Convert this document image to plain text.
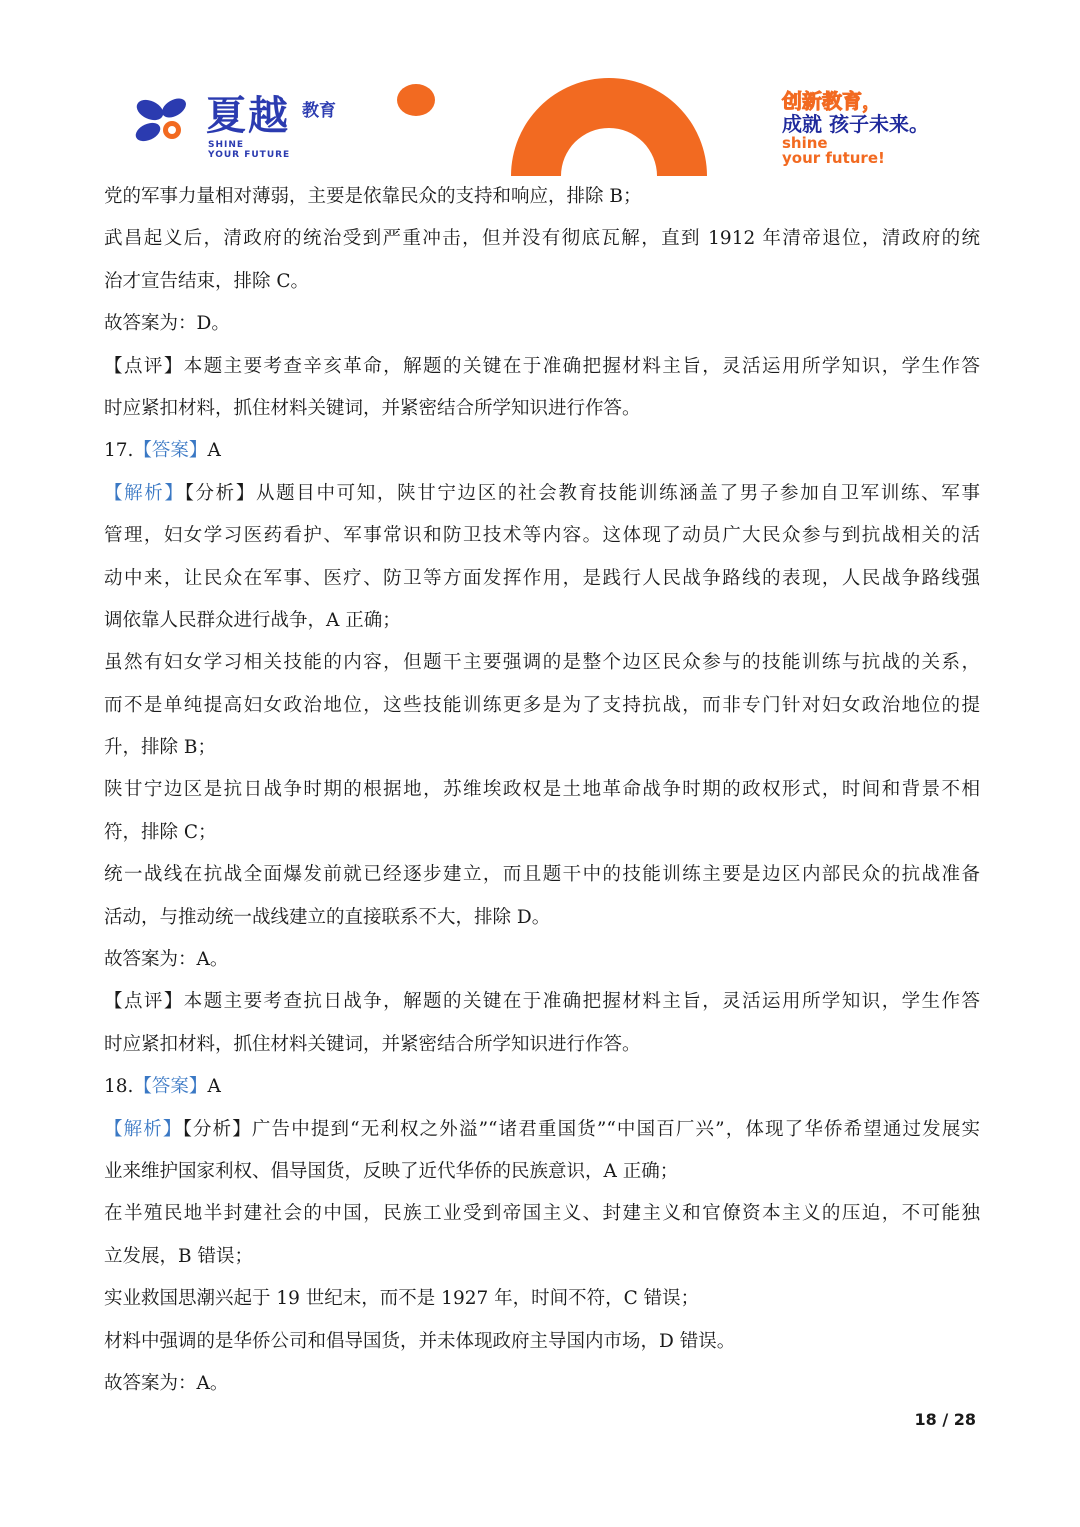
夏越 教育
SHINE
YOUR FUTURE
创新教育，
成就 孩子未来。
shine
your future!
党的军事力量相对薄弱，主要是依靠民众的支持和响应，排除 B；
武昌起义后，清政府的统治受到严重冲击，但并没有彻底瓦解，直到 1912 年清帝退位，清政府的统
治才宣告结束，排除 C。
故答案为：D。
【点评】本题主要考查辛亥革命，解题的关键在于准确把握材料主旨，灵活运用所学知识，学生作答
时应紧扣材料，抓住材料关键词，并紧密结合所学知识进行作答。
17.【答案】A
【解析】【分析】从题目中可知，陕甘宁边区的社会教育技能训练涵盖了男子参加自卫军训练、军事
管理，妇女学习医药看护、军事常识和防卫技术等内容。这体现了动员广大民众参与到抗战相关的活
动中来，让民众在军事、医疗、防卫等方面发挥作用，是践行人民战争路线的表现，人民战争路线强
调依靠人民群众进行战争，A 正确；
虽然有妇女学习相关技能的内容，但题干主要强调的是整个边区民众参与的技能训练与抗战的关系，
而不是单纯提高妇女政治地位，这些技能训练更多是为了支持抗战，而非专门针对妇女政治地位的提
升，排除 B；
陕甘宁边区是抗日战争时期的根据地，苏维埃政权是土地革命战争时期的政权形式，时间和背景不相
符，排除 C；
统一战线在抗战全面爆发前就已经逐步建立，而且题干中的技能训练主要是边区内部民众的抗战准备
活动，与推动统一战线建立的直接联系不大，排除 D。
故答案为：A。
【点评】本题主要考查抗日战争，解题的关键在于准确把握材料主旨，灵活运用所学知识，学生作答
时应紧扣材料，抓住材料关键词，并紧密结合所学知识进行作答。
18.【答案】A
【解析】【分析】广告中提到“无利权之外溢”“诸君重国货”“中国百厂兴”，体现了华侨希望通过发展实
业来维护国家利权、倡导国货，反映了近代华侨的民族意识，A 正确；
在半殖民地半封建社会的中国，民族工业受到帝国主义、封建主义和官僚资本主义的压迫，不可能独
立发展，B 错误；
实业救国思潮兴起于 19 世纪末，而不是 1927 年，时间不符，C 错误；
材料中强调的是华侨公司和倡导国货，并未体现政府主导国内市场，D 错误。
故答案为：A。
18 / 28
